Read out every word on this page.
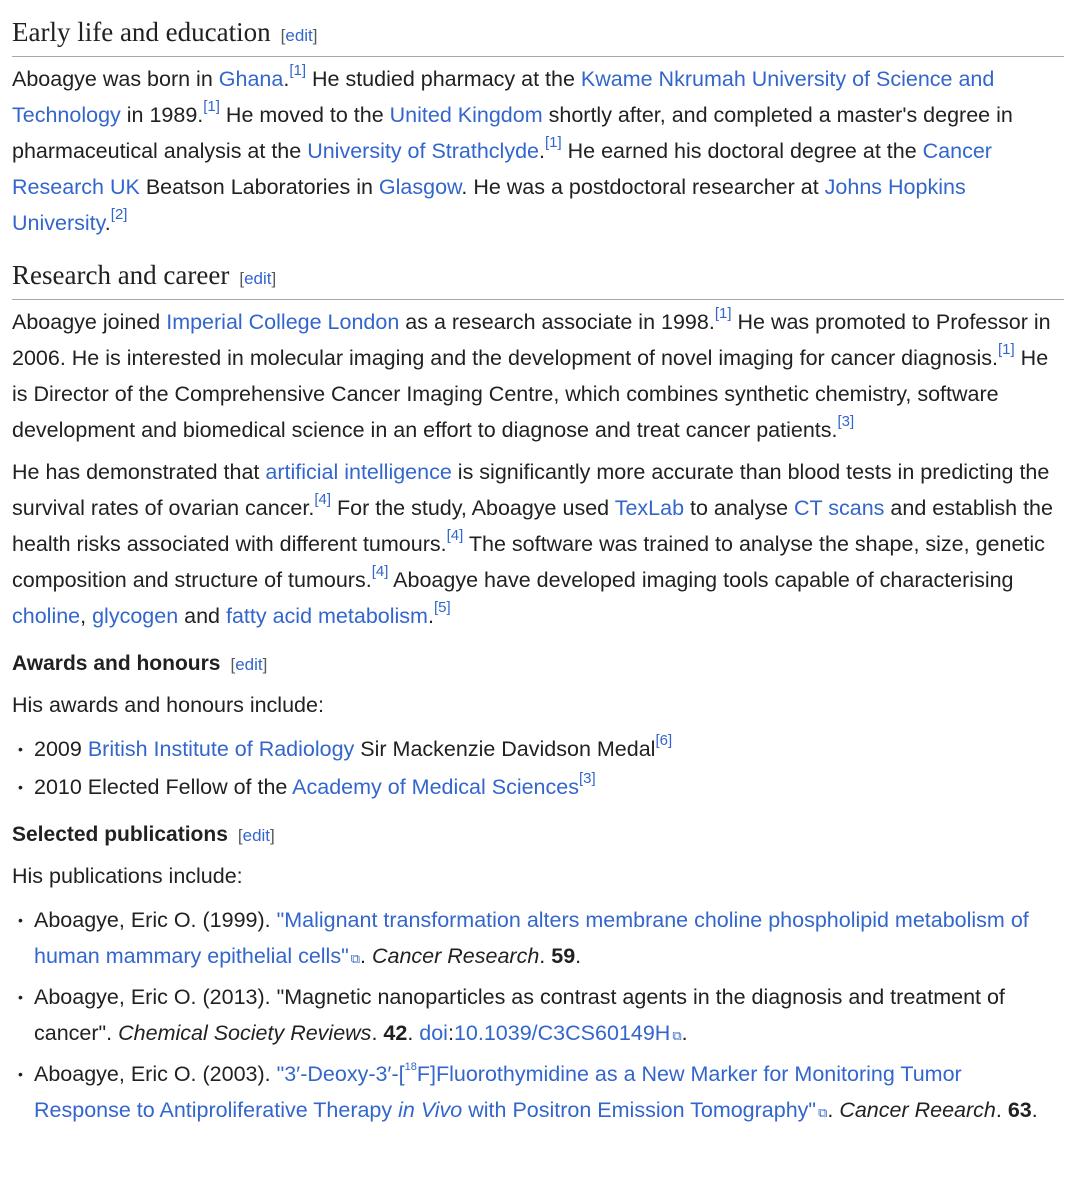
Early life and education [edit]

Aboagye was born in Ghana.[1] He studied pharmacy at the Kwame Nkrumah University of Science and Technology in 1989.[1] He moved to the United Kingdom shortly after, and completed a master's degree in pharmaceutical analysis at the University of Strathclyde.[1] He earned his doctoral degree at the Cancer Research UK Beatson Laboratories in Glasgow. He was a postdoctoral researcher at Johns Hopkins University.[2]

Research and career [edit]

Aboagye joined Imperial College London as a research associate in 1998.[1] He was promoted to Professor in 2006. He is interested in molecular imaging and the development of novel imaging for cancer diagnosis.[1] He is Director of the Comprehensive Cancer Imaging Centre, which combines synthetic chemistry, software development and biomedical science in an effort to diagnose and treat cancer patients.[3]

He has demonstrated that artificial intelligence is significantly more accurate than blood tests in predicting the survival rates of ovarian cancer.[4] For the study, Aboagye used TexLab to analyse CT scans and establish the health risks associated with different tumours.[4] The software was trained to analyse the shape, size, genetic composition and structure of tumours.[4] Aboagye have developed imaging tools capable of characterising choline, glycogen and fatty acid metabolism.[5]

Awards and honours [edit]

His awards and honours include:

• 2009 British Institute of Radiology Sir Mackenzie Davidson Medal[6]
• 2010 Elected Fellow of the Academy of Medical Sciences[3]
Selected publications [edit]

His publications include:

• Aboagye, Eric O. (1999). "Malignant transformation alters membrane choline phospholipid metabolism of human mammary epithelial cells" ⧉. Cancer Research. 59.
• Aboagye, Eric O. (2013). "Magnetic nanoparticles as contrast agents in the diagnosis and treatment of cancer". Chemical Society Reviews. 42. doi:10.1039/C3CS60149H ⧉.
• Aboagye, Eric O. (2003). "3′-Deoxy-3′-[$^{18}$F]Fluorothymidine as a New Marker for Monitoring Tumor Response to Antiproliferative Therapy in Vivo with Positron Emission Tomography" ⧉. Cancer Reearch. 63.
